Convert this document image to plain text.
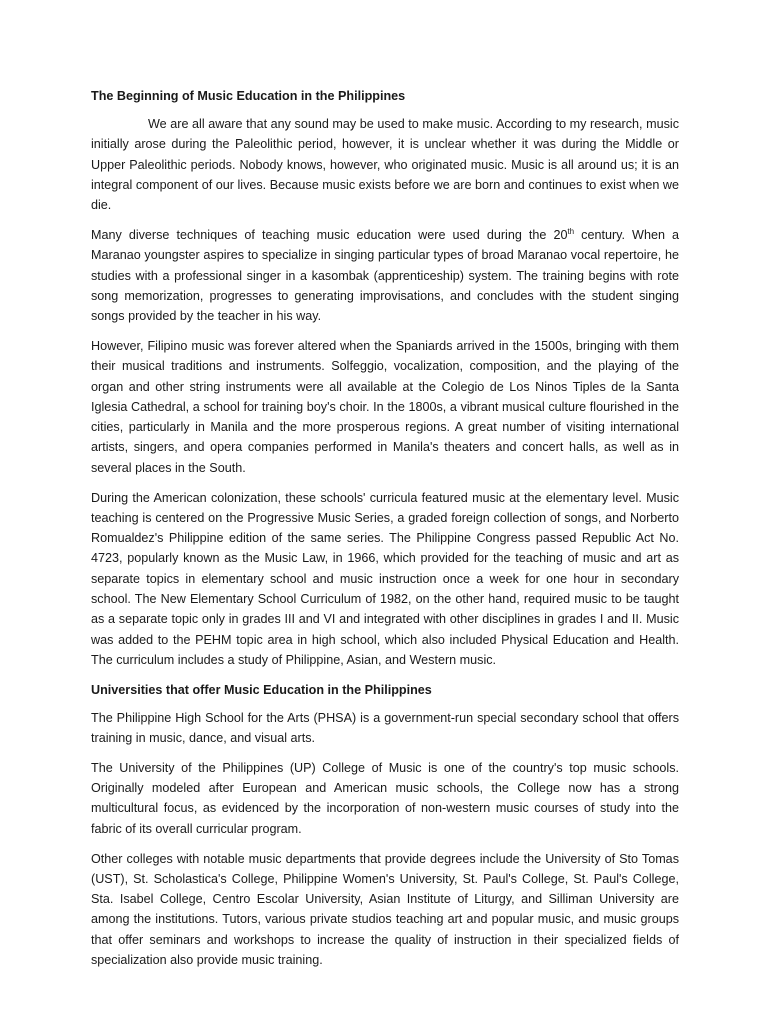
The Beginning of Music Education in the Philippines

We are all aware that any sound may be used to make music. According to my research, music initially arose during the Paleolithic period, however, it is unclear whether it was during the Middle or Upper Paleolithic periods. Nobody knows, however, who originated music. Music is all around us; it is an integral component of our lives. Because music exists before we are born and continues to exist when we die.

Many diverse techniques of teaching music education were used during the 20th century. When a Maranao youngster aspires to specialize in singing particular types of broad Maranao vocal repertoire, he studies with a professional singer in a kasombak (apprenticeship) system. The training begins with rote song memorization, progresses to generating improvisations, and concludes with the student singing songs provided by the teacher in his way.

However, Filipino music was forever altered when the Spaniards arrived in the 1500s, bringing with them their musical traditions and instruments. Solfeggio, vocalization, composition, and the playing of the organ and other string instruments were all available at the Colegio de Los Ninos Tiples de la Santa Iglesia Cathedral, a school for training boy's choir. In the 1800s, a vibrant musical culture flourished in the cities, particularly in Manila and the more prosperous regions. A great number of visiting international artists, singers, and opera companies performed in Manila's theaters and concert halls, as well as in several places in the South.

During the American colonization, these schools' curricula featured music at the elementary level. Music teaching is centered on the Progressive Music Series, a graded foreign collection of songs, and Norberto Romualdez's Philippine edition of the same series. The Philippine Congress passed Republic Act No. 4723, popularly known as the Music Law, in 1966, which provided for the teaching of music and art as separate topics in elementary school and music instruction once a week for one hour in secondary school. The New Elementary School Curriculum of 1982, on the other hand, required music to be taught as a separate topic only in grades III and VI and integrated with other disciplines in grades I and II. Music was added to the PEHM topic area in high school, which also included Physical Education and Health. The curriculum includes a study of Philippine, Asian, and Western music.

Universities that offer Music Education in the Philippines

The Philippine High School for the Arts (PHSA) is a government-run special secondary school that offers training in music, dance, and visual arts.

The University of the Philippines (UP) College of Music is one of the country's top music schools. Originally modeled after European and American music schools, the College now has a strong multicultural focus, as evidenced by the incorporation of non-western music courses of study into the fabric of its overall curricular program.

Other colleges with notable music departments that provide degrees include the University of Sto Tomas (UST), St. Scholastica's College, Philippine Women's University, St. Paul's College, St. Paul's College, Sta. Isabel College, Centro Escolar University, Asian Institute of Liturgy, and Silliman University are among the institutions. Tutors, various private studios teaching art and popular music, and music groups that offer seminars and workshops to increase the quality of instruction in their specialized fields of specialization also provide music training.
